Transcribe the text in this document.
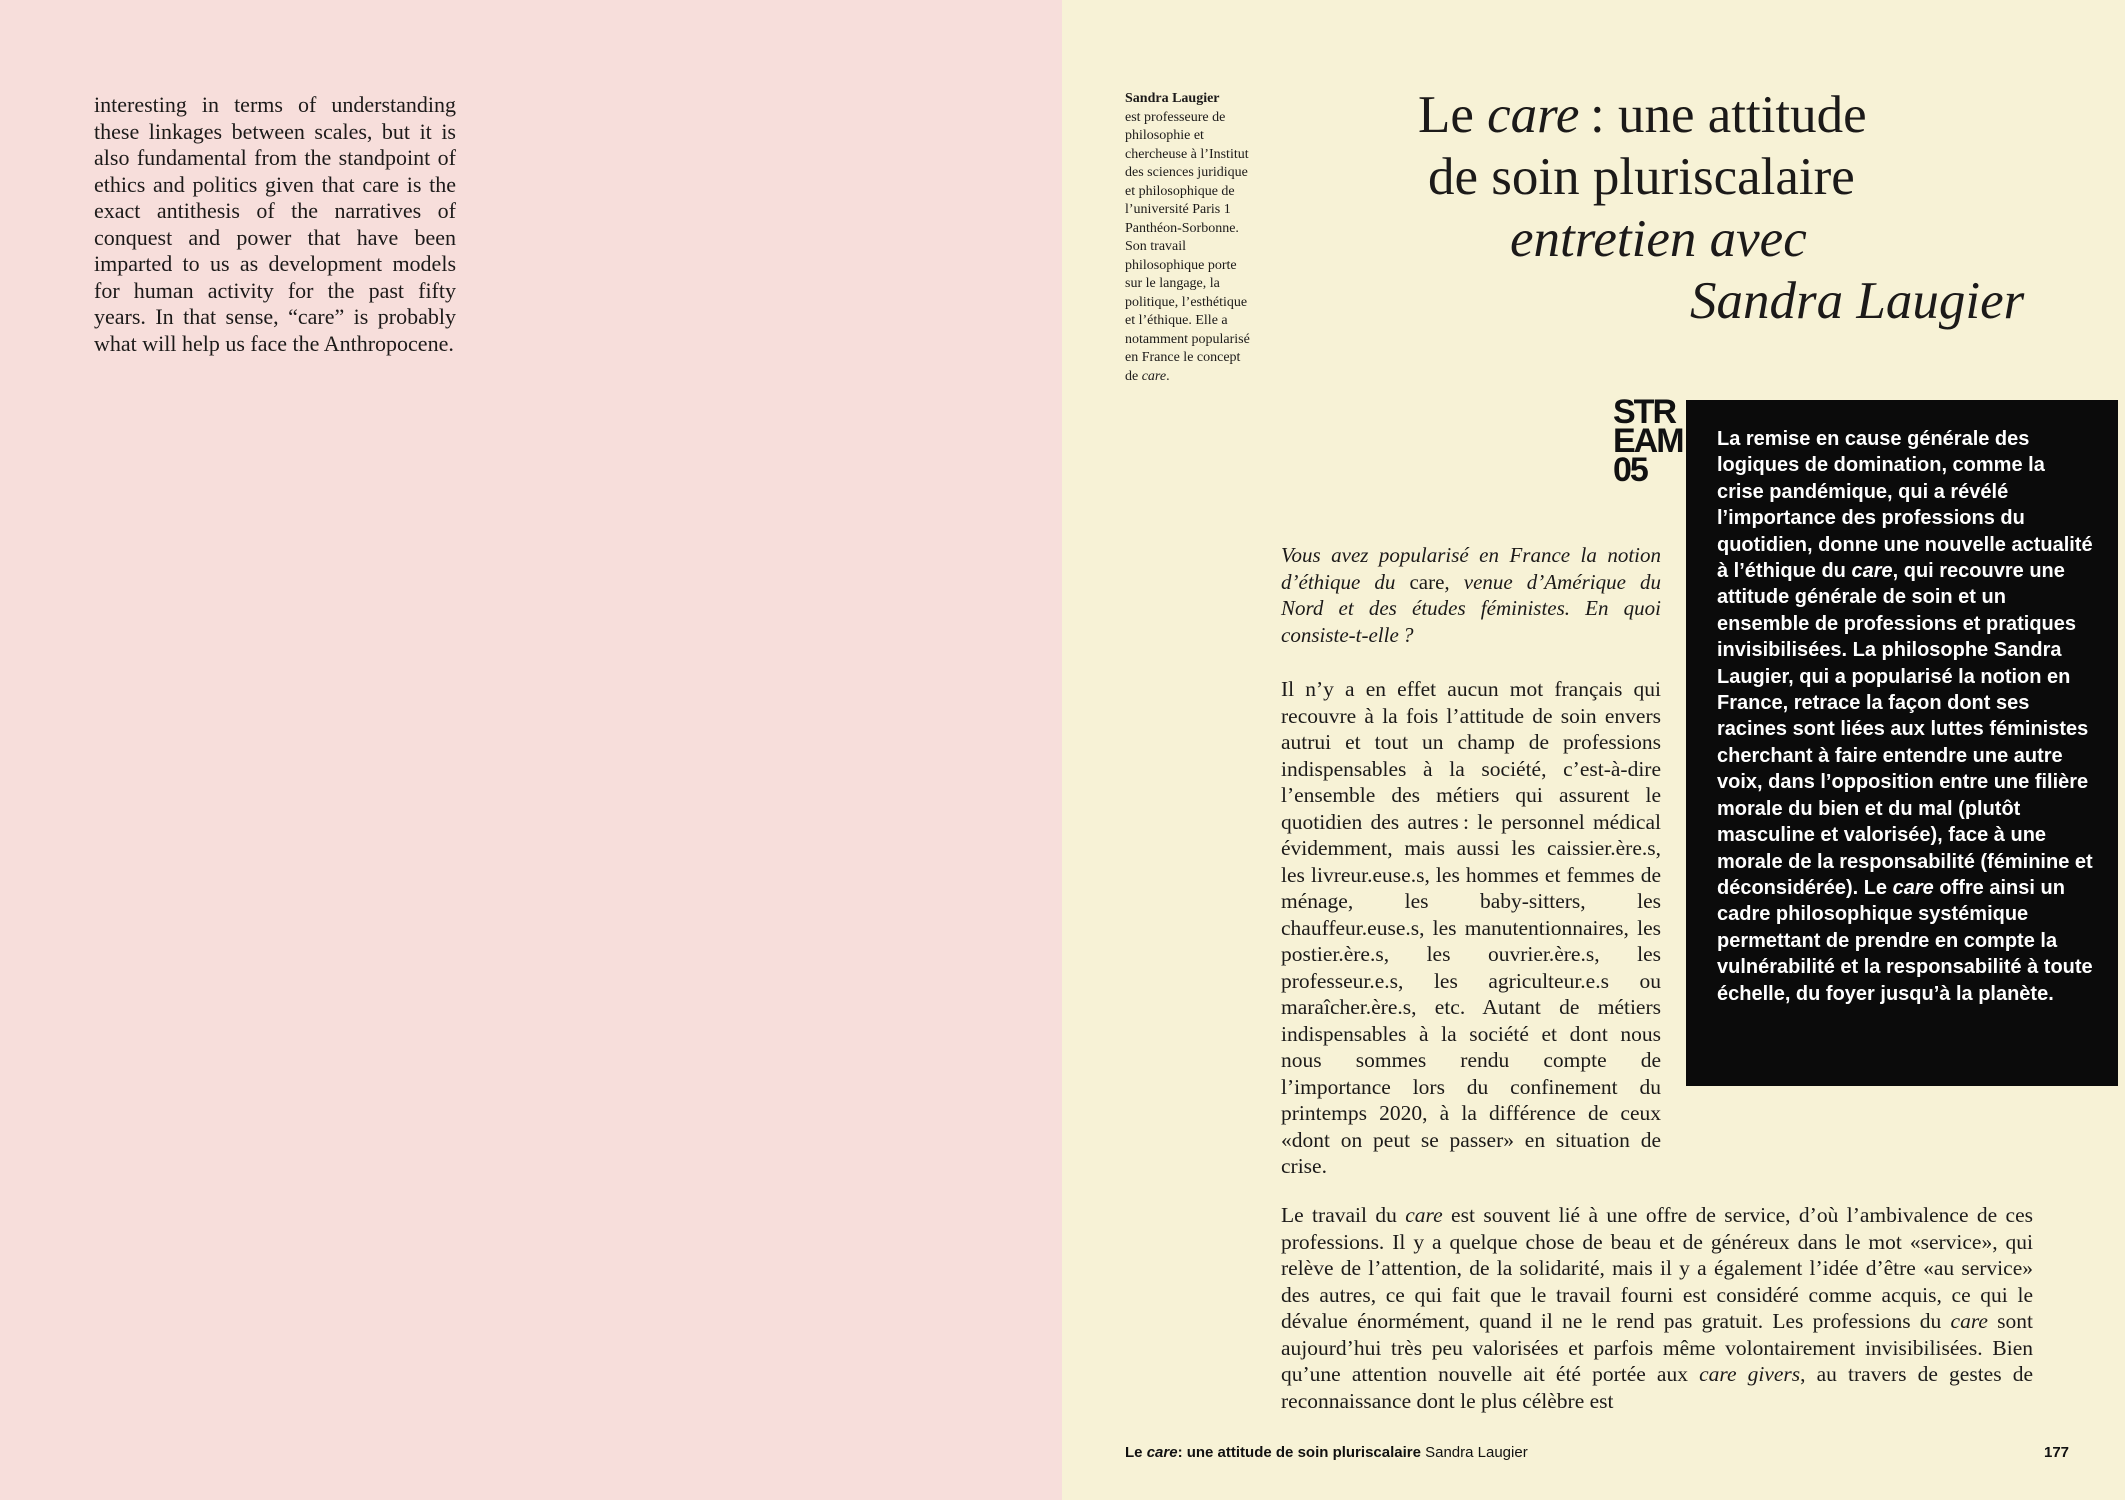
interesting in terms of understanding these linkages between scales, but it is also fundamental from the standpoint of ethics and politics given that care is the exact antithesis of the narratives of conquest and power that have been imparted to us as development models for human activity for the past fifty years. In that sense, “care” is probably what will help us face the Anthropocene.

Sandra Laugier
est professeure de philosophie et chercheuse à l’Institut des sciences juridique et philosophique de l’université Paris 1 Panthéon-Sorbonne. Son travail philosophique porte sur le langage, la politique, l’esthétique et l’éthique. Elle a notamment popularisé en France le concept de care.

Le care : une attitude
de soin pluriscalaire
entretien avec
Sandra Laugier
STR
EAM
05

La remise en cause générale des logiques de domination, comme la crise pandémique, qui a révélé l’importance des professions du quotidien, donne une nouvelle actualité à l’éthique du care, qui recouvre une attitude générale de soin et un ensemble de professions et pratiques invisibilisées. La philosophe Sandra Laugier, qui a popularisé la notion en France, retrace la façon dont ses racines sont liées aux luttes féministes cherchant à faire entendre une autre voix, dans l’opposition entre une filière morale du bien et du mal (plutôt masculine et valorisée), face à une morale de la responsabilité (féminine et déconsidérée). Le care offre ainsi un cadre philosophique systémique permettant de prendre en compte la vulnérabilité et la responsabilité à toute échelle, du foyer jusqu’à la planète.

Vous avez popularisé en France la notion d’éthique du care, venue d’Amérique du Nord et des études féministes. En quoi consiste-t-elle ?

Il n’y a en effet aucun mot français qui recouvre à la fois l’attitude de soin envers autrui et tout un champ de professions indispensables à la société, c’est-à-dire l’ensemble des métiers qui assurent le quotidien des autres : le personnel médical évidemment, mais aussi les caissier.ère.s, les livreur.euse.s, les hommes et femmes de ménage, les baby-sitters, les chauffeur.euse.s, les manutentionnaires, les postier.ère.s, les ouvrier.ère.s, les professeur.e.s, les agriculteur.e.s ou maraîcher.ère.s, etc. Autant de métiers indispensables à la société et dont nous nous sommes rendu compte de l’importance lors du confinement du printemps 2020, à la différence de ceux «dont on peut se passer» en situation de crise.

Le travail du care est souvent lié à une offre de service, d’où l’ambivalence de ces professions. Il y a quelque chose de beau et de généreux dans le mot «service», qui relève de l’attention, de la solidarité, mais il y a également l’idée d’être «au service» des autres, ce qui fait que le travail fourni est considéré comme acquis, ce qui le dévalue énormément, quand il ne le rend pas gratuit. Les professions du care sont aujourd’hui très peu valorisées et parfois même volontairement invisibilisées. Bien qu’une attention nouvelle ait été portée aux care givers, au travers de gestes de reconnaissance dont le plus célèbre est

Le care: une attitude de soin pluriscalaire Sandra Laugier	177
